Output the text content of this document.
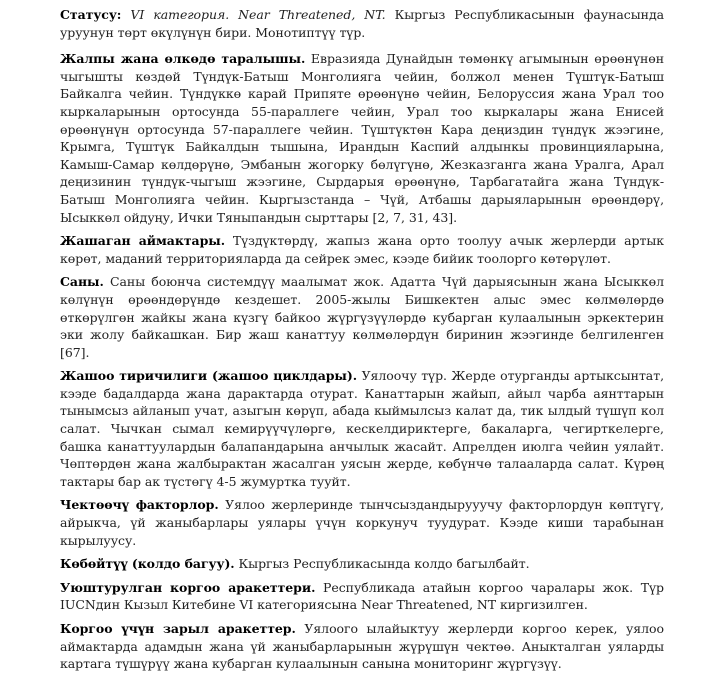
Статусу: VI категория. Near Threatened, NT. Кыргыз Республикасынын фаунасында уруунун төрт өкүлүнүн бири. Монотиптүү түр.

Жалпы жана өлкөдө таралышы. Евразияда Дунайдын төмөнкү агымынын өрөөнүнөн чыгышты көздөй Түндүк-Батыш Монголияга чейин, болжол менен Түштүк-Батыш Байкалга чейин. Түндүккө карай Припяте өрөөнүнө чейин, Белоруссия жана Урал тоо кыркаларынын ортосунда 55-параллеге чейин, Урал тоо кыркалары жана Енисей өрөөнүнүн ортосунда 57-параллеге чейин. Түштүктөн Кара деңиздин түндүк жээгине, Крымга, Түштүк Байкалдын тышына, Ирандын Каспий алдынкы провинцияларына, Камыш-Самар көлдөрүнө, Эмбанын жогорку бөлүгүнө, Жезказганга жана Уралга, Арал деңизинин түндүк-чыгыш жээгине, Сырдарыя өрөөнүнө, Тарбагатайга жана Түндүк-Батыш Монголияга чейин. Кыргызстанда – Чүй, Атбашы дарыяларынын өрөөндөрү, Ысыккөл ойдуңу, Ички Тяныпандын сырттары [2, 7, 31, 43].

Жашаган аймактары. Түздүктөрдү, жапыз жана орто тоолуу ачык жерлерди артык көрөт, маданий территорияларда да сейрек эмес, кээде бийик тоолорго көтөрүлөт.

Саны. Саны боюнча системдүү маалымат жок. Адатта Чүй дарыясынын жана Ысыккөл көлүнүн өрөөндөрүндө кездешет. 2005-жылы Бишкектен алыс эмес көлмөлөрдө өткөрүлгөн жайкы жана күзгү байкоо жүргүзүүлөрдө кубарган кулаалынын эркектерин эки жолу байкашкан. Бир жаш канаттуу көлмөлөрдүн биринин жээгинде белгиленген [67].

Жашоо тиричилиги (жашоо циклдары). Уялоочу түр. Жерде отурганды артыксынтат, кээде бадалдарда жана дарактарда отурат. Канаттарын жайып, айыл чарба аянттарын тынымсыз айланып учат, азыгын көрүп, абада кыймылсыз калат да, тик ылдый түшүп кол салат. Чычкан сымал кемирүүчүлөргө, кескелдириктерге, бакаларга, чегирткелерге, башка канаттуулардын балапандарына анчылык жасайт. Апрелден июлга чейин уялайт. Чөптөрдөн жана жалбырактан жасалган уясын жерде, көбүнчө талааларда салат. Күрөң тактары бар ак түстөгү 4-5 жумуртка тууйт.

Чектөөчү факторлор. Уялоо жерлеринде тынчсыздандырууучу факторлордун көптүгү, айрыкча, үй жаныбарлары уялары үчүн коркунуч туудурат. Кээде киши тарабынан кырылуусу.

Көбөйтүү (колдо багуу). Кыргыз Республикасында колдо багылбайт.

Уюштурулган коргоо аракеттери. Республикада атайын коргоо чаралары жок. Түр IUCNдин Кызыл Китебине VI категориясына Near Threatened, NT киргизилген.

Коргоо үчүн зарыл аракеттер. Уялоого ылайыктуу жерлерди коргоо керек, уялоо аймактарда адамдын жана үй жаныбарларынын жүрүшүн чектөө. Аныкталган уяларды картага түшүрүү жана кубарган кулаалынын санына мониторинг жүргүзүү.
